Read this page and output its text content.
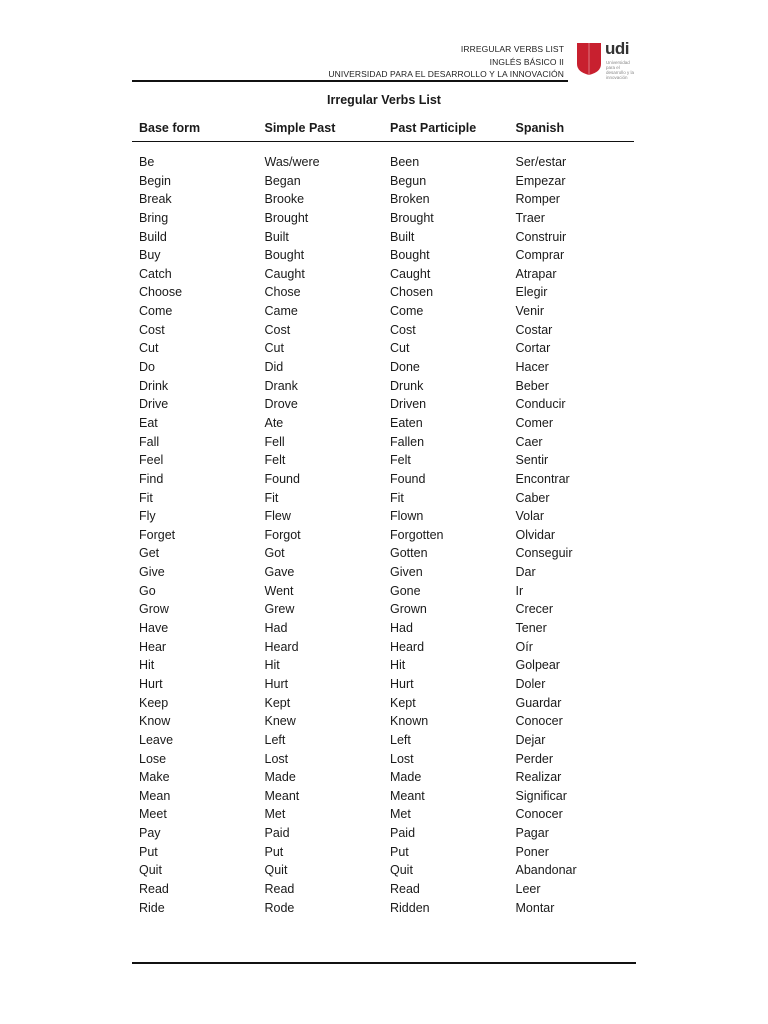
IRREGULAR VERBS LIST
INGLÉS BÁSICO II
UNIVERSIDAD PARA EL DESARROLLO Y LA INNOVACIÓN
udi
Universidad para el desarrollo y la innovación
Irregular Verbs List
Base form	Simple Past	Past Participle	Spanish
Be	Was/were	Been	Ser/estar
Begin	Began	Begun	Empezar
Break	Brooke	Broken	Romper
Bring	Brought	Brought	Traer
Build	Built	Built	Construir
Buy	Bought	Bought	Comprar
Catch	Caught	Caught	Atrapar
Choose	Chose	Chosen	Elegir
Come	Came	Come	Venir
Cost	Cost	Cost	Costar
Cut	Cut	Cut	Cortar
Do	Did	Done	Hacer
Drink	Drank	Drunk	Beber
Drive	Drove	Driven	Conducir
Eat	Ate	Eaten	Comer
Fall	Fell	Fallen	Caer
Feel	Felt	Felt	Sentir
Find	Found	Found	Encontrar
Fit	Fit	Fit	Caber
Fly	Flew	Flown	Volar
Forget	Forgot	Forgotten	Olvidar
Get	Got	Gotten	Conseguir
Give	Gave	Given	Dar
Go	Went	Gone	Ir
Grow	Grew	Grown	Crecer
Have	Had	Had	Tener
Hear	Heard	Heard	Oír
Hit	Hit	Hit	Golpear
Hurt	Hurt	Hurt	Doler
Keep	Kept	Kept	Guardar
Know	Knew	Known	Conocer
Leave	Left	Left	Dejar
Lose	Lost	Lost	Perder
Make	Made	Made	Realizar
Mean	Meant	Meant	Significar
Meet	Met	Met	Conocer
Pay	Paid	Paid	Pagar
Put	Put	Put	Poner
Quit	Quit	Quit	Abandonar
Read	Read	Read	Leer
Ride	Rode	Ridden	Montar
